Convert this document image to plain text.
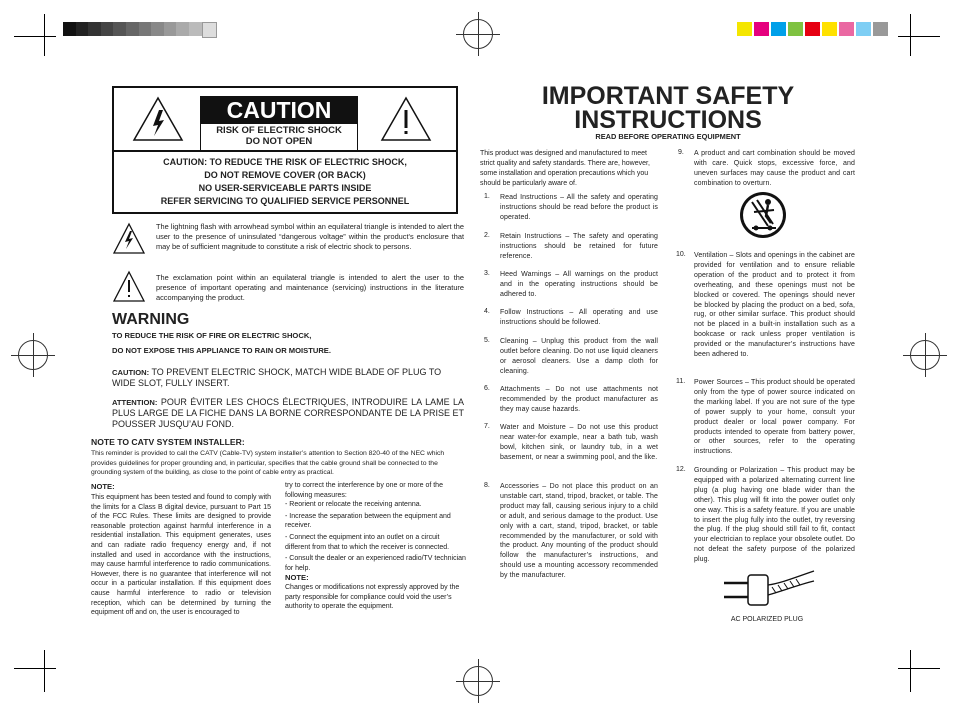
CAUTION
RISK OF ELECTRIC SHOCK
DO NOT OPEN
CAUTION: TO REDUCE THE RISK OF ELECTRIC SHOCK,
DO NOT REMOVE COVER (OR BACK)
NO USER-SERVICEABLE PARTS INSIDE
REFER SERVICING TO QUALIFIED SERVICE PERSONNEL
The lightning flash with arrowhead symbol within an equilateral triangle is intended to alert the user to the presence of uninsulated “dangerous voltage” within the product's enclosure that may be of sufficient magnitude to constitute a risk of electric shock to persons.
The exclamation point within an equilateral triangle is intended to alert the user to the presence of important operating and maintenance (servicing) instructions in the literature accompanying the product.
WARNING
TO REDUCE THE RISK OF FIRE OR ELECTRIC SHOCK,
DO NOT EXPOSE THIS APPLIANCE TO RAIN OR MOISTURE.
CAUTION: TO PREVENT ELECTRIC SHOCK, MATCH WIDE BLADE OF PLUG TO WIDE SLOT, FULLY INSERT.
ATTENTION: POUR ÉVITER LES CHOCS ÉLECTRIQUES, INTRODUIRE LA LAME LA PLUS LARGE DE LA FICHE DANS LA BORNE CORRESPONDANTE DE LA PRISE ET POUSSER JUSQU’AU FOND.
NOTE TO CATV SYSTEM INSTALLER:
This reminder is provided to call the CATV (Cable-TV) system installer’s attention to Section 820-40 of the NEC which provides guidelines for proper grounding and, in particular, specifies that the cable ground shall be connected to the grounding system of the building, as close to the point of cable entry as practical.
NOTE:
This equipment has been tested and found to comply with the limits for a Class B digital device, pursuant to Part 15 of the FCC Rules. These limits are designed to provide reasonable protection against harmful interference in a residential installation. This equipment generates, uses and can radiate radio frequency energy and, if not installed and used in accordance with the instructions, may cause harmful interference to radio communications. However, there is no guarantee that interference will not occur in a particular installation. If this equipment does cause harmful interference to radio or television reception, which can be determined by turning the equipment off and on, the user is encouraged to
try to correct the interference by one or more of the following measures:
- Reorient or relocate the receiving antenna.
- Increase the separation between the equipment and receiver.
- Connect the equipment into an outlet on a circuit different from that to which the receiver is connected.
- Consult the dealer or an experienced radio/TV technician for help.
NOTE:
Changes or modifications not expressly approved by the party responsible for compliance could void the user’s authority to operate the equipment.
IMPORTANT SAFETY
INSTRUCTIONS
READ BEFORE OPERATING EQUIPMENT
This product was designed and manufactured to meet strict quality and safety standards. There are, however, some installation and operation precautions which you should be particularly aware of.
1. Read Instructions – All the safety and operating instructions should be read before the product is operated.
2. Retain Instructions – The safety and operating instructions should be retained for future reference.
3. Heed Warnings – All warnings on the product and in the operating instructions should be adhered to.
4. Follow Instructions – All operating and use instructions should be followed.
5. Cleaning – Unplug this product from the wall outlet before cleaning. Do not use liquid cleaners or aerosol cleaners. Use a damp cloth for cleaning.
6. Attachments – Do not use attachments not recommended by the product manufacturer as they may cause hazards.
7. Water and Moisture – Do not use this product near water-for example, near a bath tub, wash bowl, kitchen sink, or laundry tub, in a wet basement, or near a swimming pool, and the like.
8. Accessories – Do not place this product on an unstable cart, stand, tripod, bracket, or table. The product may fall, causing serious injury to a child or adult, and serious damage to the product. Use only with a cart, stand, tripod, bracket, or table recommended by the manufacturer, or sold with the product. Any mounting of the product should follow the manufacturer’s instructions, and should use a mounting accessory recommended by the manufacturer.
9. A product and cart combination should be moved with care. Quick stops, excessive force, and uneven surfaces may cause the product and cart combination to overturn.
10. Ventilation – Slots and openings in the cabinet are provided for ventilation and to ensure reliable operation of the product and to protect it from overheating, and these openings must not be blocked or covered. The openings should never be blocked by placing the product on a bed, sofa, rug, or other similar surface. This product should not be placed in a built-in installation such as a bookcase or rack unless proper ventilation is provided or the manufacturer’s instructions have been adhered to.
11. Power Sources – This product should be operated only from the type of power source indicated on the marking label. If you are not sure of the type of power supply to your home, consult your product dealer or local power company. For products intended to operate from battery power, or other sources, refer to the operating instructions.
12. Grounding or Polarization – This product may be equipped with a polarized alternating current line plug (a plug having one blade wider than the other). This plug will fit into the power outlet only one way. This is a safety feature. If you are unable to insert the plug fully into the outlet, try reversing the plug. If the plug should still fail to fit, contact your electrician to replace your obsolete outlet. Do not defeat the safety purpose of the polarized plug.
AC POLARIZED PLUG
